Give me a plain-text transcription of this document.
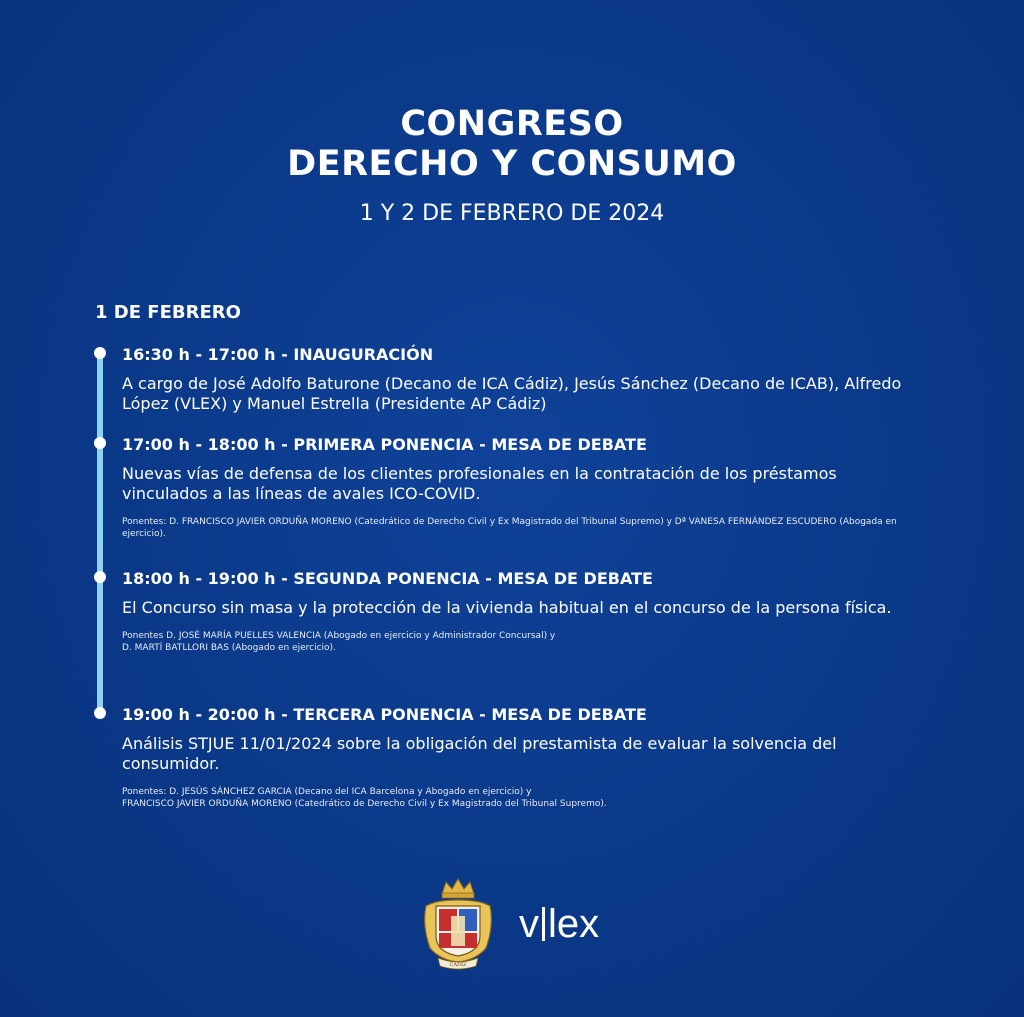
CONGRESO
DERECHO Y CONSUMO
1 Y 2 DE FEBRERO DE 2024
1 DE FEBRERO
16:30 h - 17:00 h - INAUGURACIÓN
A cargo de José Adolfo Baturone (Decano de ICA Cádiz), Jesús Sánchez (Decano de ICAB), Alfredo López (VLEX) y Manuel Estrella (Presidente AP Cádiz)
17:00 h - 18:00 h - PRIMERA PONENCIA - MESA DE DEBATE
Nuevas vías de defensa de los clientes profesionales en la contratación de los préstamos vinculados a las líneas de avales ICO-COVID.
Ponentes: D. FRANCISCO JAVIER ORDUÑA MORENO (Catedrático de Derecho Civil y Ex Magistrado del Tribunal Supremo) y Dª VANESA FERNÁNDEZ ESCUDERO (Abogada en ejercicio).
18:00 h - 19:00 h - SEGUNDA PONENCIA - MESA DE DEBATE
El Concurso sin masa y la protección de la vivienda habitual en el concurso de la persona física.
Ponentes D. JOSÉ MARÍA PUELLES VALENCIA (Abogado en ejercicio y Administrador Concursal) y
D. MARTÍ BATLLORI BAS (Abogado en ejercicio).
19:00 h - 20:00 h - TERCERA PONENCIA - MESA DE DEBATE
Análisis STJUE 11/01/2024 sobre la obligación del prestamista de evaluar la solvencia del consumidor.
Ponentes: D. JESÚS SÁNCHEZ GARCIA (Decano del ICA Barcelona y Abogado en ejercicio) y
FRANCISCO JAVIER ORDUÑA MORENO (Catedrático de Derecho Civil y Ex Magistrado del Tribunal Supremo).
CÁDIZ
v lex
